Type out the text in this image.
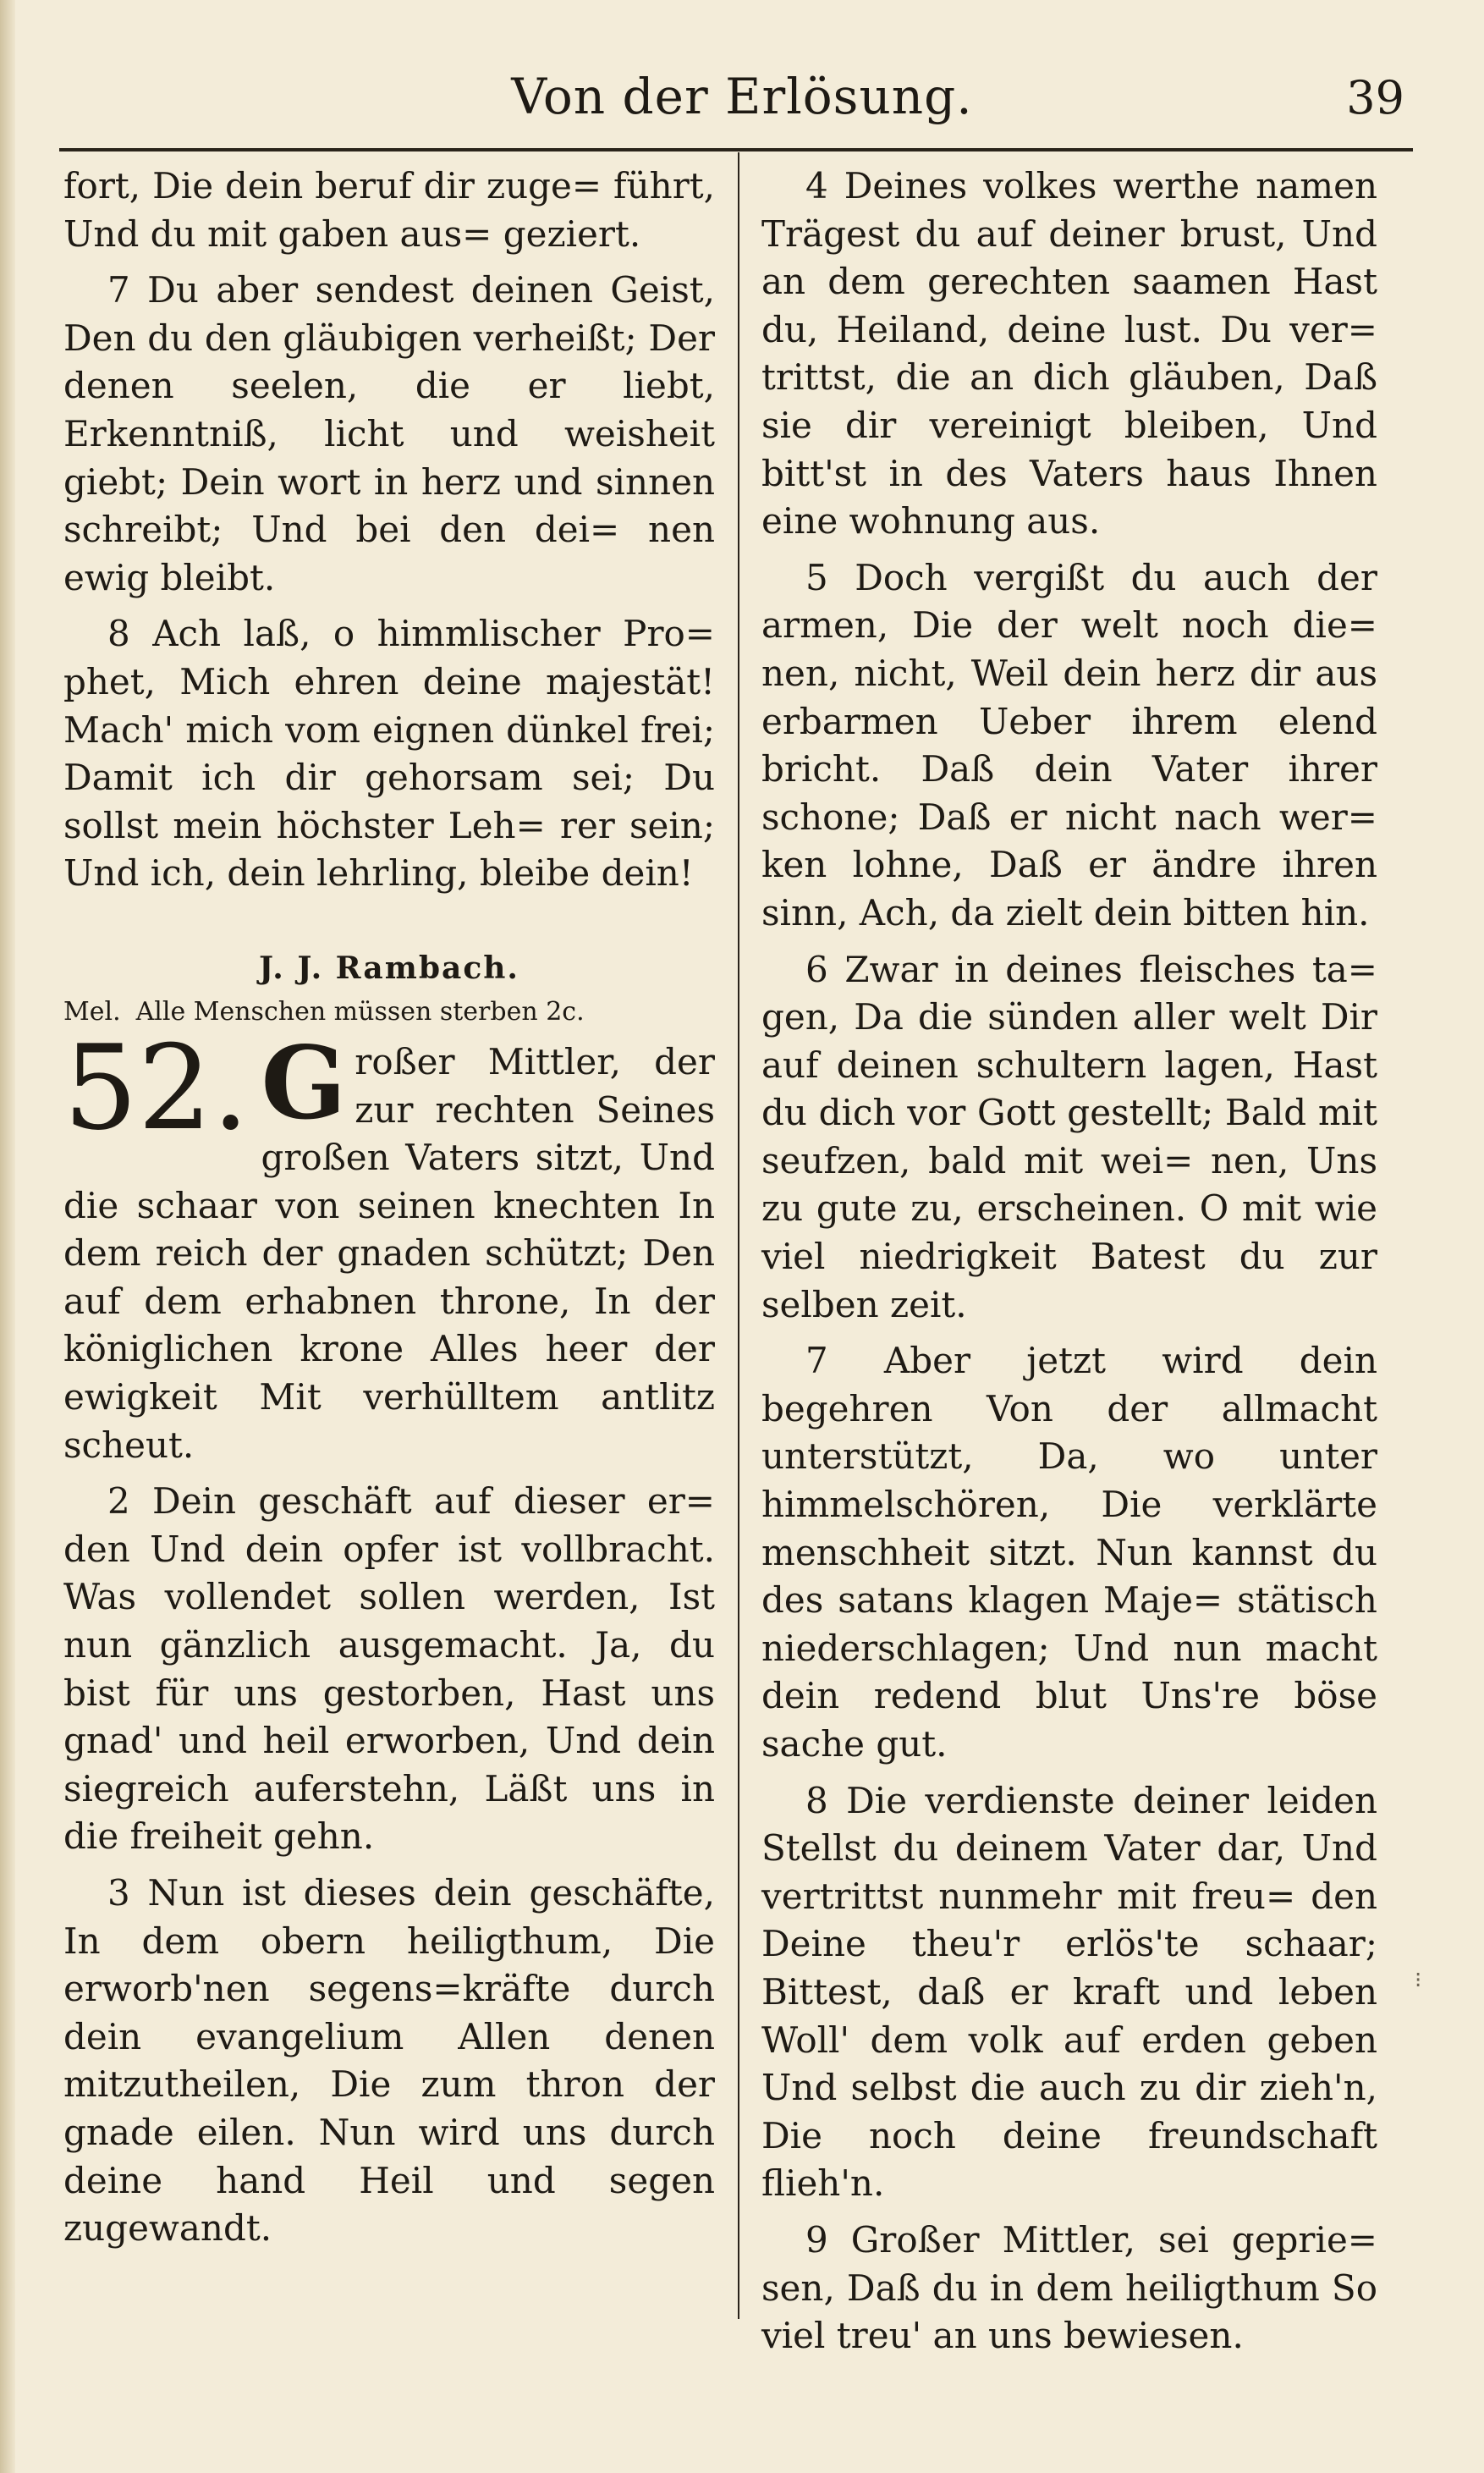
Von der Erlösung.	39

fort, Die dein beruf dir zuge= führt, Und du mit gaben aus= geziert.

7 Du aber sendest deinen Geist, Den du den gläubigen verheißt; Der denen seelen, die er liebt, Erkenntniß, licht und weisheit giebt; Dein wort in herz und sinnen schreibt; Und bei den dei= nen ewig bleibt.

8 Ach laß, o himmlischer Pro= phet, Mich ehren deine majestät! Mach' mich vom eignen dünkel frei; Damit ich dir gehorsam sei; Du sollst mein höchster Leh= rer sein; Und ich, dein lehrling, bleibe dein!

J. J. Rambach.
Mel. Alle Menschen müssen sterben 2c.

52. G roßer Mittler, der zur rechten Seines großen Vaters sitzt, Und die schaar von seinen knechten In dem reich der gnaden schützt; Den auf dem erhabnen throne, In der königlichen krone Alles heer der ewigkeit Mit verhülltem antlitz scheut.

2 Dein geschäft auf dieser er= den Und dein opfer ist vollbracht. Was vollendet sollen werden, Ist nun gänzlich ausgemacht. Ja, du bist für uns gestorben, Hast uns gnad' und heil erworben, Und dein siegreich auferstehn, Läßt uns in die freiheit gehn.

3 Nun ist dieses dein geschäfte, In dem obern heiligthum, Die erworb'nen segens=kräfte durch dein evangelium Allen denen mitzutheilen, Die zum thron der gnade eilen. Nun wird uns durch deine hand Heil und segen zugewandt.

4 Deines volkes werthe namen Trägest du auf deiner brust, Und an dem gerechten saamen Hast du, Heiland, deine lust. Du ver= trittst, die an dich gläuben, Daß sie dir vereinigt bleiben, Und bitt'st in des Vaters haus Ihnen eine wohnung aus.

5 Doch vergißt du auch der armen, Die der welt noch die= nen, nicht, Weil dein herz dir aus erbarmen Ueber ihrem elend bricht. Daß dein Vater ihrer schone; Daß er nicht nach wer= ken lohne, Daß er ändre ihren sinn, Ach, da zielt dein bitten hin.

6 Zwar in deines fleisches ta= gen, Da die sünden aller welt Dir auf deinen schultern lagen, Hast du dich vor Gott gestellt; Bald mit seufzen, bald mit wei= nen, Uns zu gute zu, erscheinen. O mit wie viel niedrigkeit Batest du zur selben zeit.

7 Aber jetzt wird dein begehren Von der allmacht unterstützt, Da, wo unter himmelschören, Die verklärte menschheit sitzt. Nun kannst du des satans klagen Maje= stätisch niederschlagen; Und nun macht dein redend blut Uns're böse sache gut.

8 Die verdienste deiner leiden Stellst du deinem Vater dar, Und vertrittst nunmehr mit freu= den Deine theu'r erlös'te schaar; Bittest, daß er kraft und leben Woll' dem volk auf erden geben Und selbst die auch zu dir zieh'n, Die noch deine freundschaft flieh'n.

9 Großer Mittler, sei geprie= sen, Daß du in dem heiligthum So viel treu' an uns bewiesen.

⁝
